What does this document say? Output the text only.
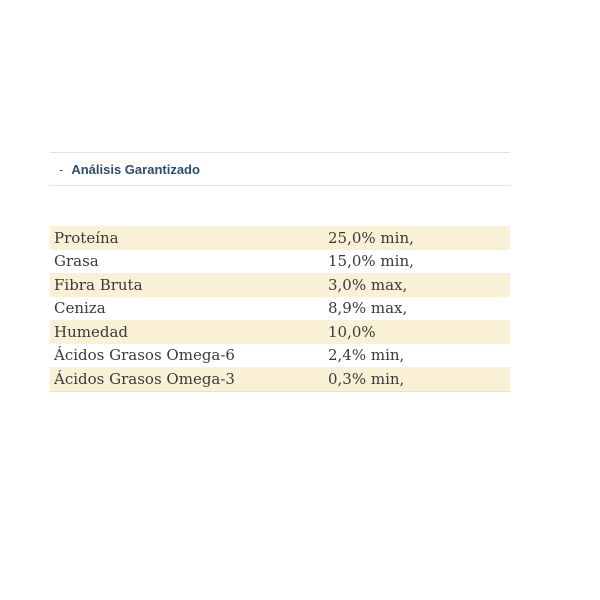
- Análisis Garantizado
Proteína	25,0% min,
Grasa	15,0% min,
Fibra Bruta	3,0% max,
Ceniza	8,9% max,
Humedad	10,0%
Ácidos Grasos Omega-6	2,4% min,
Ácidos Grasos Omega-3	0,3% min,
